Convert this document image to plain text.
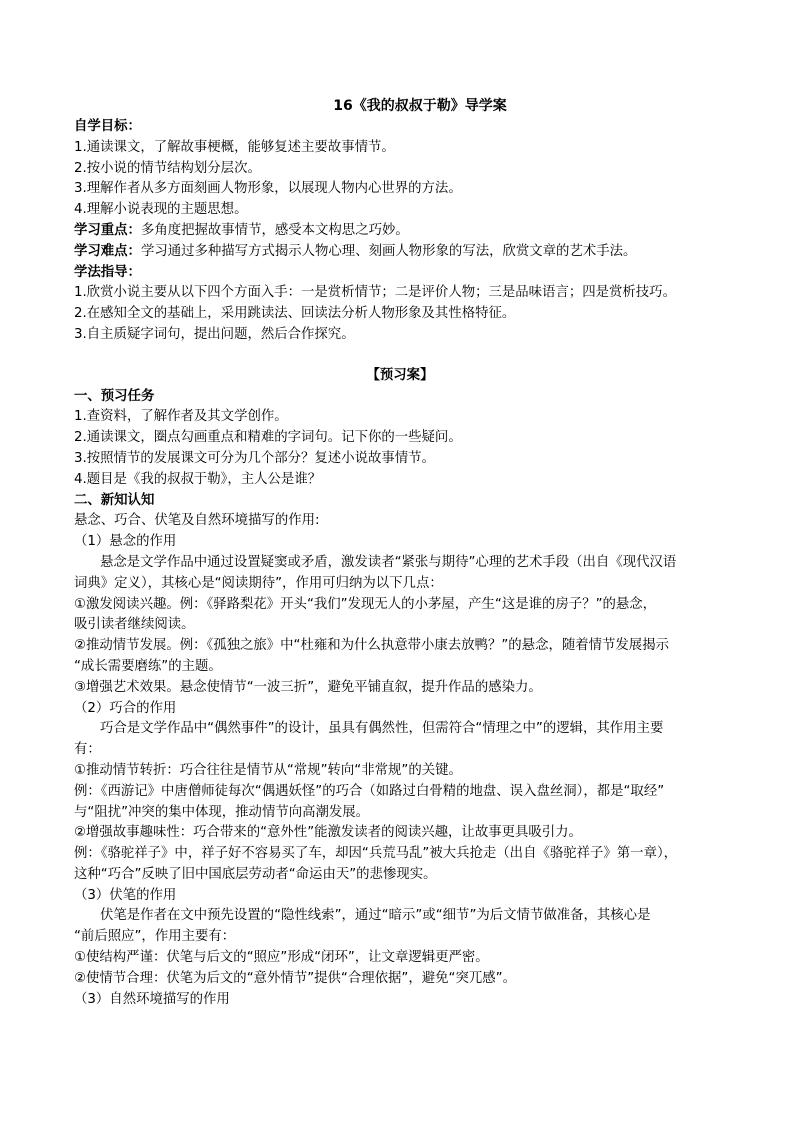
16《我的叔叔于勒》导学案
自学目标：
1.通读课文，了解故事梗概，能够复述主要故事情节。
2.按小说的情节结构划分层次。
3.理解作者从多方面刻画人物形象，以展现人物内心世界的方法。
4.理解小说表现的主题思想。
学习重点：多角度把握故事情节，感受本文构思之巧妙。
学习难点：学习通过多种描写方式揭示人物心理、刻画人物形象的写法，欣赏文章的艺术手法。
学法指导：
1.欣赏小说主要从以下四个方面入手：一是赏析情节；二是评价人物；三是品味语言；四是赏析技巧。
2.在感知全文的基础上，采用跳读法、回读法分析人物形象及其性格特征。
3.自主质疑字词句，提出问题，然后合作探究。
【预习案】
一、预习任务
1.查资料，了解作者及其文学创作。
2.通读课文，圈点勾画重点和精难的字词句。记下你的一些疑问。
3.按照情节的发展课文可分为几个部分？复述小说故事情节。
4.题目是《我的叔叔于勒》，主人公是谁？
二、新知认知
悬念、巧合、伏笔及自然环境描写的作用:
（1）悬念的作用
悬念是文学作品中通过设置疑窦或矛盾，激发读者“紧张与期待”心理的艺术手段（出自《现代汉语
词典》定义），其核心是“阅读期待”，作用可归纳为以下几点：
①激发阅读兴趣。例：《驿路梨花》开头“我们”发现无人的小茅屋，产生“这是谁的房子？”的悬念，
吸引读者继续阅读。
②推动情节发展。例：《孤独之旅》中“杜雍和为什么执意带小康去放鸭？”的悬念，随着情节发展揭示
“成长需要磨练”的主题。
③增强艺术效果。悬念使情节“一波三折”，避免平铺直叙，提升作品的感染力。
（2）巧合的作用
巧合是文学作品中“偶然事件”的设计，虽具有偶然性，但需符合“情理之中”的逻辑，其作用主要
有：
①推动情节转折：巧合往往是情节从“常规”转向“非常规”的关键。
例：《西游记》中唐僧师徒每次“偶遇妖怪”的巧合（如路过白骨精的地盘、误入盘丝洞），都是“取经”
与“阻扰”冲突的集中体现，推动情节向高潮发展。
②增强故事趣味性：巧合带来的“意外性”能激发读者的阅读兴趣，让故事更具吸引力。
例：《骆驼祥子》中，祥子好不容易买了车，却因“兵荒马乱”被大兵抢走（出自《骆驼祥子》第一章），
这种“巧合”反映了旧中国底层劳动者“命运由天”的悲惨现实。
（3）伏笔的作用
伏笔是作者在文中预先设置的“隐性线索”，通过“暗示”或“细节”为后文情节做准备，其核心是
“前后照应”，作用主要有：
①使结构严谨：伏笔与后文的“照应”形成“闭环”，让文章逻辑更严密。
②使情节合理：伏笔为后文的“意外情节”提供“合理依据”，避免“突兀感”。
（3）自然环境描写的作用
